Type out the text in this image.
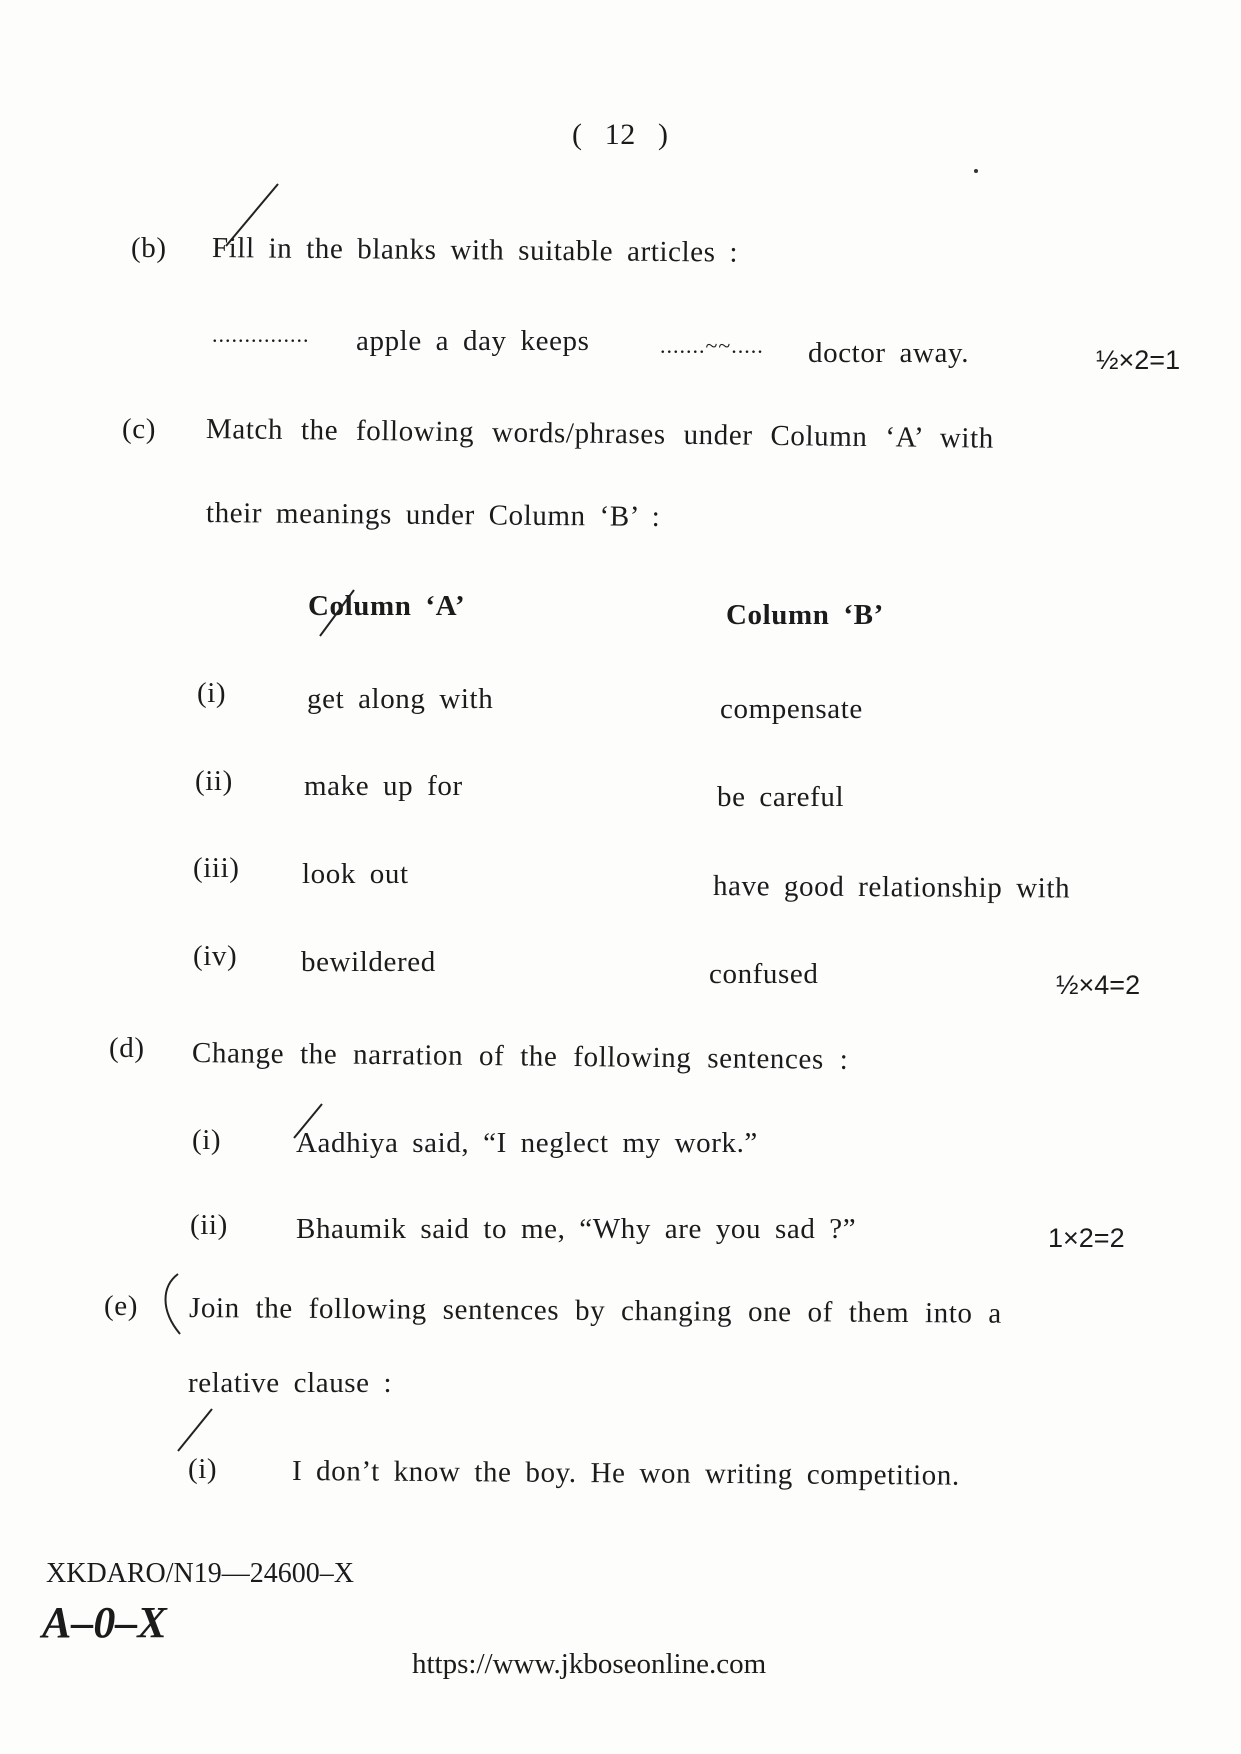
( 12 )
(b) Fill in the blanks with suitable articles :
............... apple a day keeps	.......~~..... doctor away.	½×2=1
(c) Match the following words/phrases under Column ‘A’ with
their meanings under Column ‘B’ :
Column ‘A’	Column ‘B’
(i)	get along with	compensate
(ii) make up for	be careful
(iii) look out	have good relationship with
(iv) bewildered	confused	½×4=2
(d) Change the narration of the following sentences :
(i)	Aadhiya said, “I neglect my work.”
(ii) Bhaumik said to me, “Why are you sad ?”	1×2=2
(e) Join the following sentences by changing one of them into a
relative clause :
(i)	I don’t know the boy. He won writing competition.
XKDARO/N19—24600–X
A–0–X
https://www.jkboseonline.com
